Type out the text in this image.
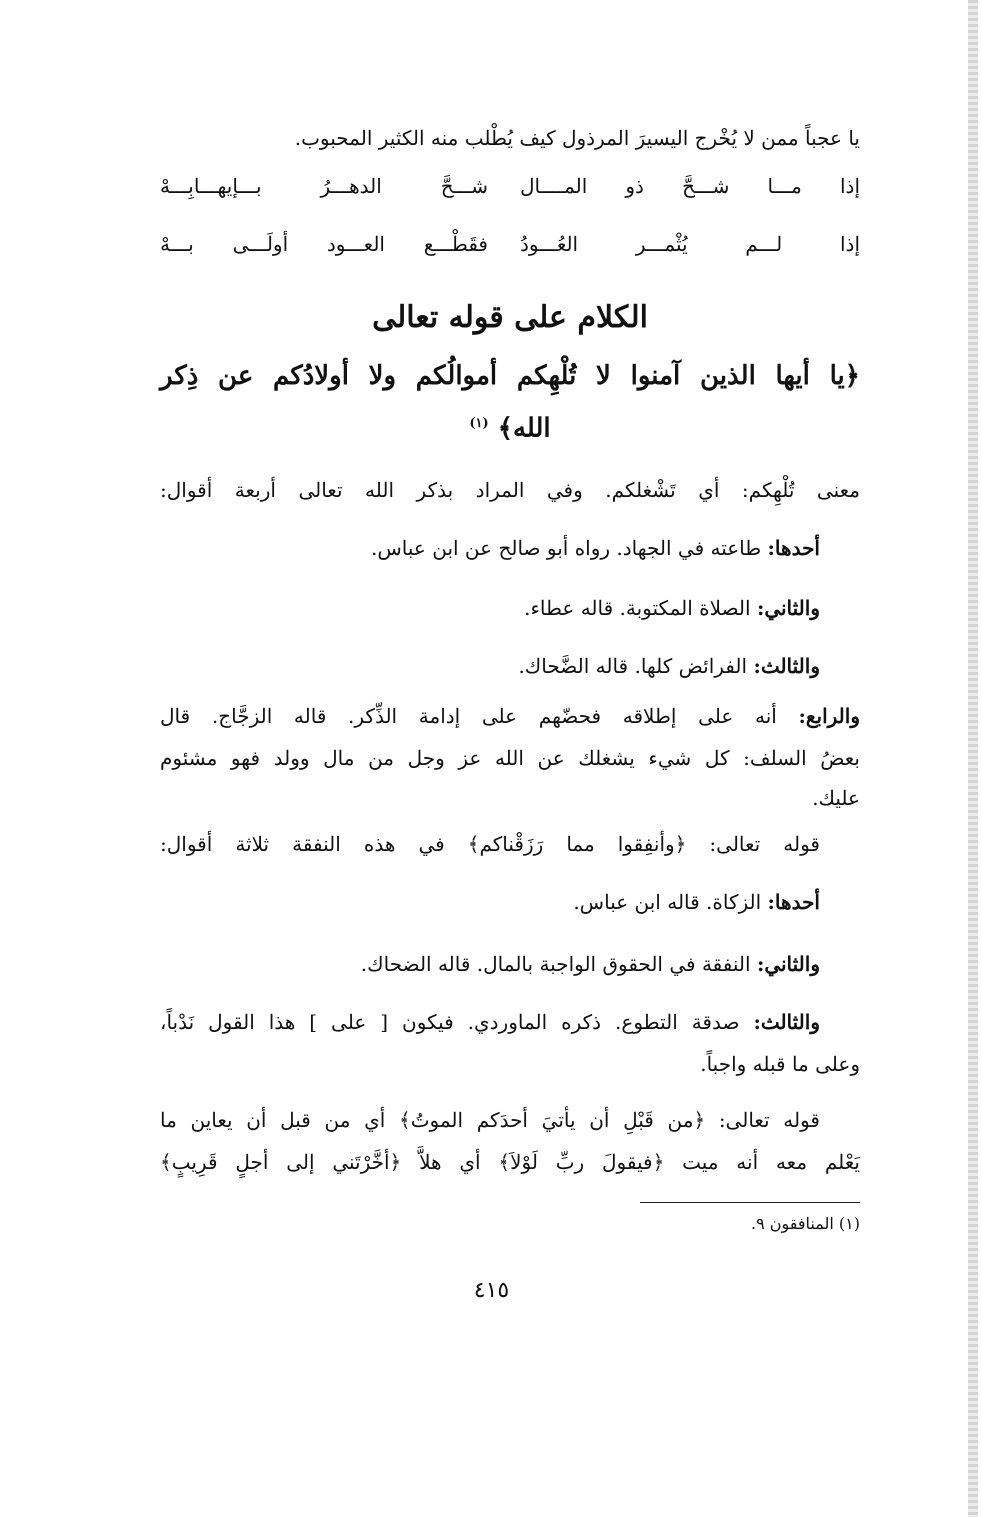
يا عجباً ممن لا يُخْرج اليسيرَ المرذول كيف يُطْلب منه الكثير المحبوب.
إذا مـــا شـــحَّ ذو المــــال
شـــحَّ الدهـــرُ بـــإيهـــابِـــهْ
إذا لـــم يُثْمـــر العُـــودُ
فقَطْـــع العـــود أولَـــى بـــهْ
الكلام على قوله تعالى
﴿يا أيها الذين آمنوا لا تُلْهِكم أموالُكم ولا أولادُكم عن ذِكر
الله﴾ $^{(١)}$
معنى تُلْهِكم: أي تَشْغلكم. وفي المراد بذكر الله تعالى أربعة أقوال:
أحدها: طاعته في الجهاد. رواه أبو صالح عن ابن عباس.
والثاني: الصلاة المكتوبة. قاله عطاء.
والثالث: الفرائض كلها. قاله الضَّحاك.
والرابع: أنه على إطلاقه فحضّهم على إدامة الذِّكر. قاله الزجَّاج. قال
بعضُ السلف: كل شيء يشغلك عن الله عز وجل من مال وولد فهو مشئوم
عليك.
قوله تعالى: ﴿وأنفِقوا مما رَزَقْناكم﴾ في هذه النفقة ثلاثة أقوال:
أحدها: الزكاة. قاله ابن عباس.
والثاني: النفقة في الحقوق الواجبة بالمال. قاله الضحاك.
والثالث: صدقة التطوع. ذكره الماوردي. فيكون [ على ] هذا القول نَدْباً،
وعلى ما قبله واجباً.
قوله تعالى: ﴿من قَبْلِ أن يأتيَ أحدَكم الموتُ﴾ أي من قبل أن يعاين ما
يَعْلم معه أنه ميت ﴿فيقولَ ربِّ لَوْلاَ﴾ أي هلاَّ ﴿أخَّرْتَني إلى أجلٍ قَرِيبٍ﴾
(١) المنافقون ٩.
٤١٥
